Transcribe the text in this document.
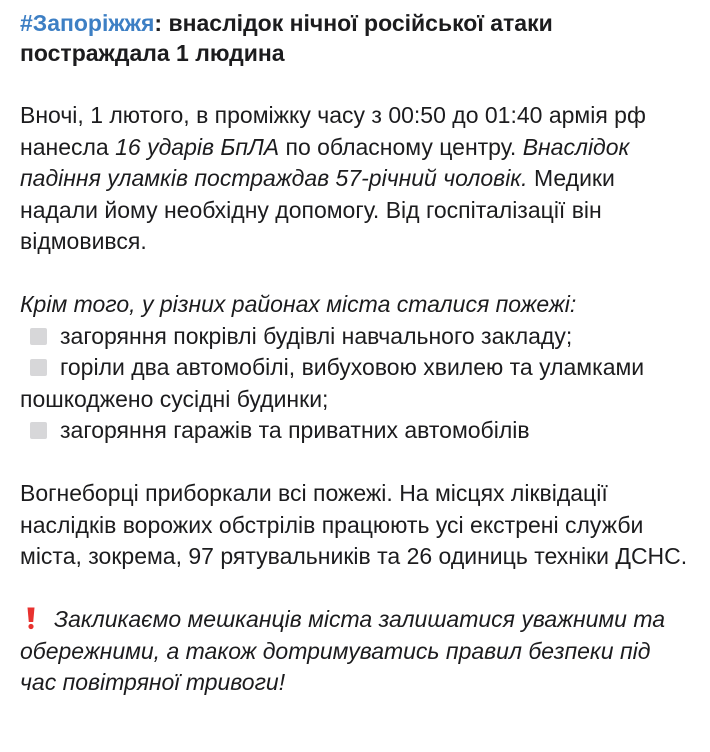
#Запоріжжя: внаслідок нічної російської атаки постраждала 1 людина

Вночі, 1 лютого, в проміжку часу з 00:50 до 01:40 армія рф нанесла 16 ударів БпЛА по обласному центру. Внаслідок падіння уламків постраждав 57-річний чоловік. Медики надали йому необхідну допомогу. Від госпіталізації він відмовився.

Крім того, у різних районах міста сталися пожежі:
загоряння покрівлі будівлі навчального закладу;
горіли два автомобілі, вибуховою хвилею та уламками пошкоджено сусідні будинки;
загоряння гаражів та приватних автомобілів

Вогнеборці приборкали всі пожежі. На місцях ліквідації наслідків ворожих обстрілів працюють усі екстрені служби міста, зокрема, 97 рятувальників та 26 одиниць техніки ДСНС.

Закликаємо мешканців міста залишатися уважними та обережними, а також дотримуватись правил безпеки під час повітряної тривоги!
